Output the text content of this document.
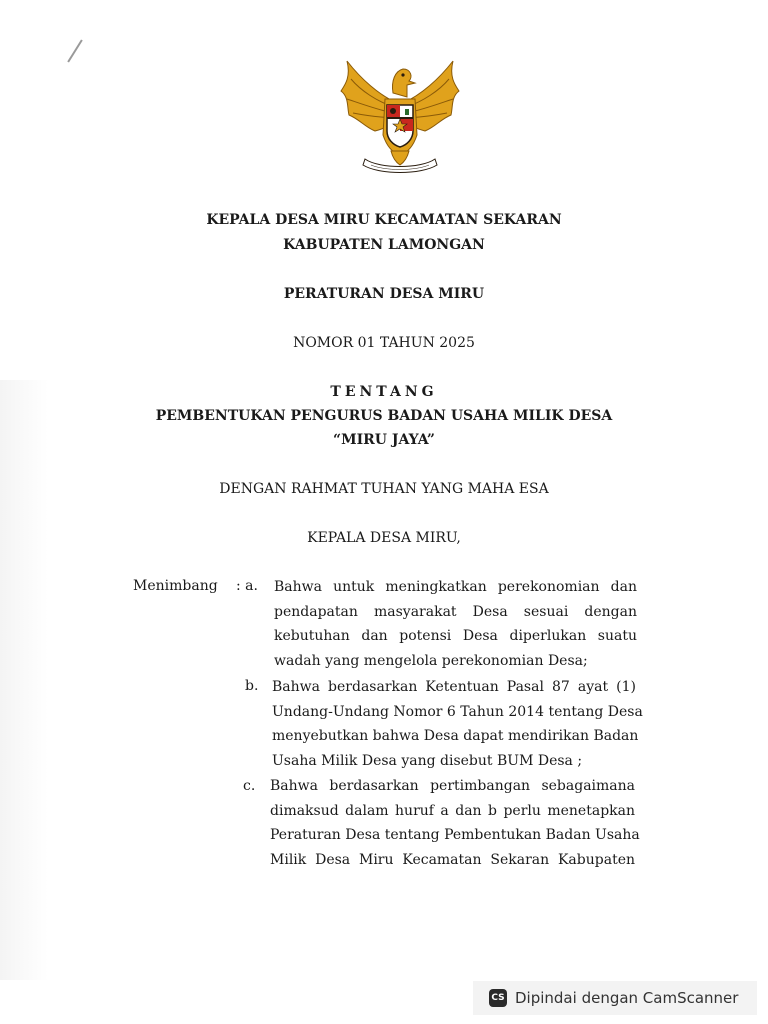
KEPALA DESA MIRU KECAMATAN SEKARAN
KABUPATEN LAMONGAN
PERATURAN DESA MIRU
NOMOR 01 TAHUN 2025
TENTANG
PEMBENTUKAN PENGURUS BADAN USAHA MILIK DESA
“MIRU JAYA”
DENGAN RAHMAT TUHAN YANG MAHA ESA
KEPALA DESA MIRU,
Menimbang : a. Bahwa untuk meningkatkan perekonomian dan
pendapatan masyarakat Desa sesuai dengan
kebutuhan dan potensi Desa diperlukan suatu
wadah yang mengelola perekonomian Desa;
b. Bahwa berdasarkan Ketentuan Pasal 87 ayat (1)
Undang-Undang Nomor 6 Tahun 2014 tentang Desa
menyebutkan bahwa Desa dapat mendirikan Badan
Usaha Milik Desa yang disebut BUM Desa ;
c. Bahwa berdasarkan pertimbangan sebagaimana
dimaksud dalam huruf a dan b perlu menetapkan
Peraturan Desa tentang Pembentukan Badan Usaha
Milik Desa Miru Kecamatan Sekaran Kabupaten
CS Dipindai dengan CamScanner
